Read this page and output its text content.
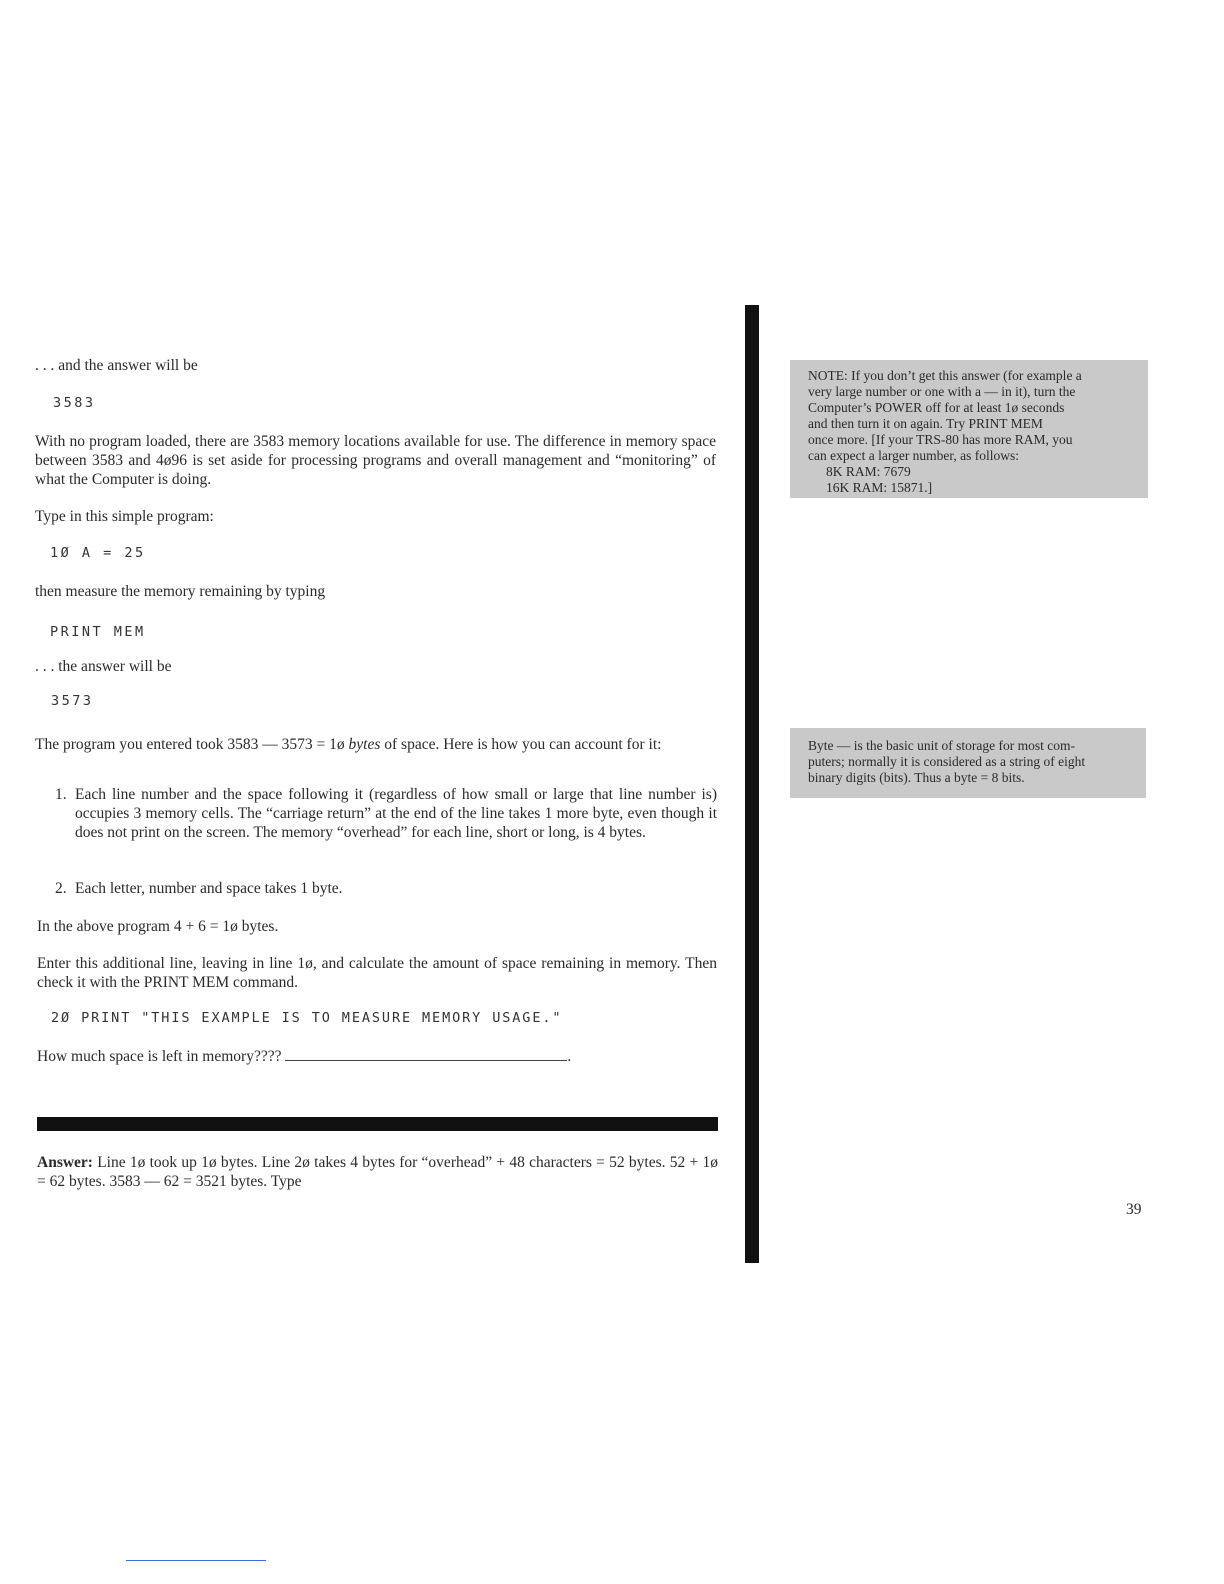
. . . and the answer will be
3583
With no program loaded, there are 3583 memory locations available for use. The difference in memory space between 3583 and 4ø96 is set aside for processing programs and overall management and “monitoring” of what the Computer is doing.
Type in this simple program:
1Ø A = 25
then measure the memory remaining by typing
PRINT MEM
. . . the answer will be
3573
The program you entered took 3583 — 3573 = 1ø bytes of space. Here is how you can account for it:
1. Each line number and the space following it (regardless of how small or large that line number is) occupies 3 memory cells. The “carriage return” at the end of the line takes 1 more byte, even though it does not print on the screen. The memory “overhead” for each line, short or long, is 4 bytes.
2. Each letter, number and space takes 1 byte.
In the above program 4 + 6 = 1ø bytes.
Enter this additional line, leaving in line 1ø, and calculate the amount of space remaining in memory. Then check it with the PRINT MEM command.
2Ø PRINT "THIS EXAMPLE IS TO MEASURE MEMORY USAGE."
How much space is left in memory????	.
Answer: Line 1ø took up 1ø bytes. Line 2ø takes 4 bytes for “overhead” + 48 characters = 52 bytes. 52 + 1ø = 62 bytes. 3583 — 62 = 3521 bytes. Type
NOTE: If you don’t get this answer (for example a
very large number or one with a — in it), turn the
Computer’s POWER off for at least 1ø seconds
and then turn it on again. Try PRINT MEM
once more. [If your TRS-80 has more RAM, you
can expect a larger number, as follows:
8K RAM: 7679
16K RAM: 15871.]
Byte — is the basic unit of storage for most com-
puters; normally it is considered as a string of eight
binary digits (bits). Thus a byte = 8 bits.
39
